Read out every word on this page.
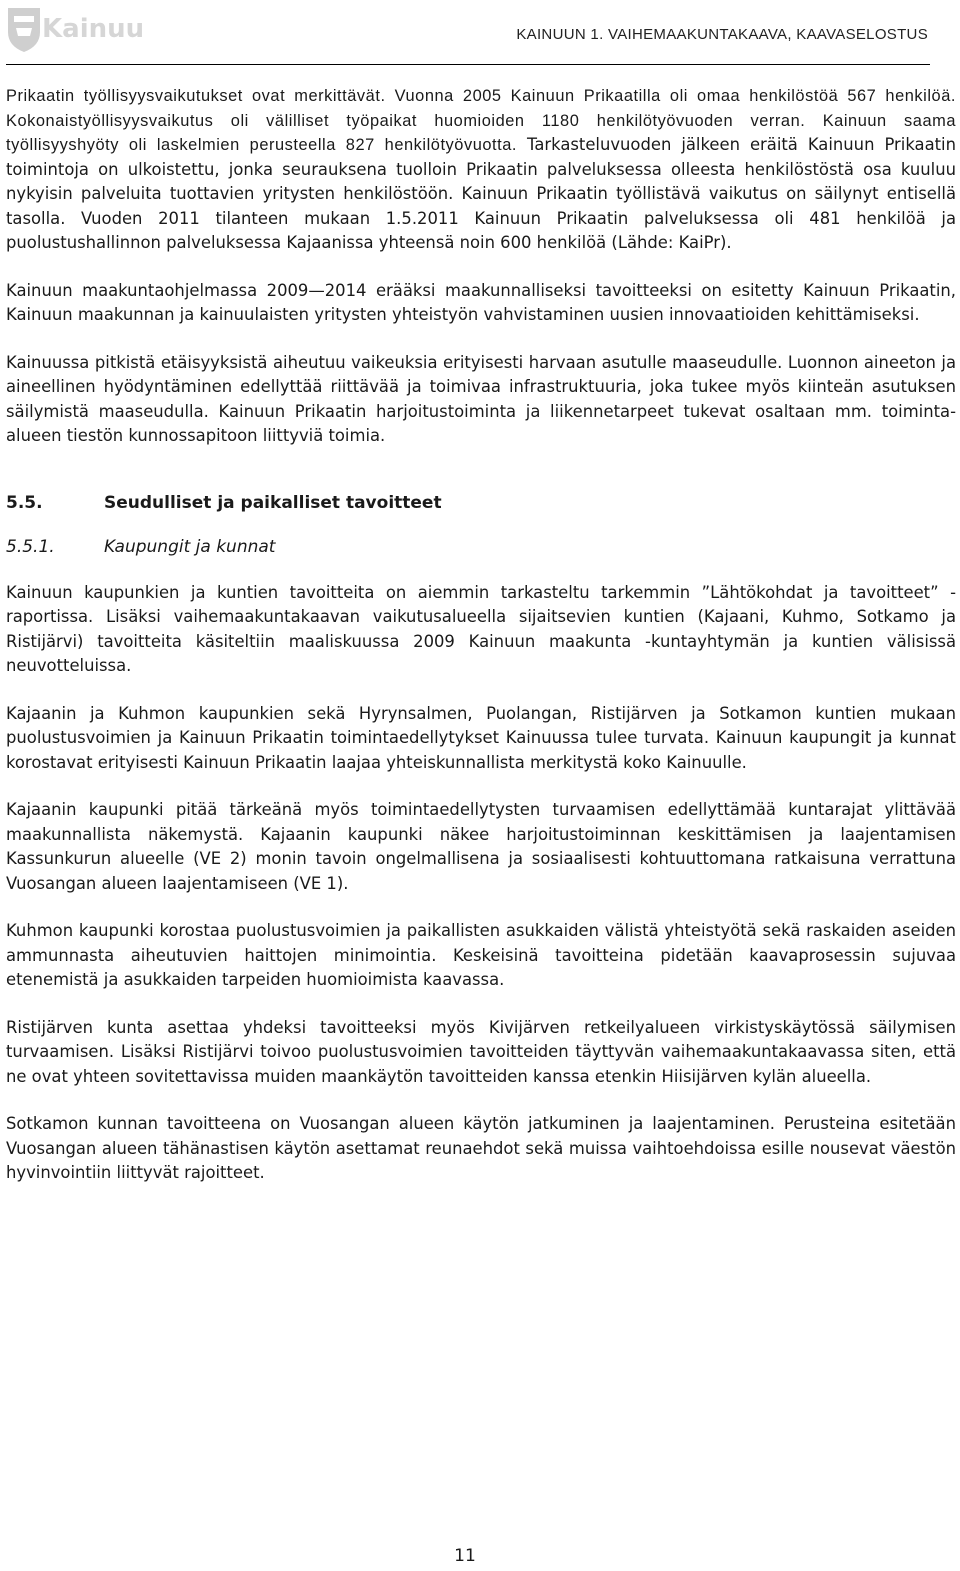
Kainuu	KAINUUN 1. VAIHEMAAKUNTAKAAVA, KAAVASELOSTUS

Prikaatin työllisyysvaikutukset ovat merkittävät. Vuonna 2005 Kainuun Prikaatilla oli omaa henkilöstöä 567 henkilöä. Kokonaistyöllisyysvaikutus oli välilliset työpaikat huomioiden 1180 henkilötyövuoden verran. Kainuun saama työllisyyshyöty oli laskelmien perusteella 827 henkilötyövuotta. Tarkasteluvuoden jälkeen eräitä Kainuun Prikaatin toimintoja on ulkoistettu, jonka seurauksena tuolloin Prikaatin palveluksessa olleesta henkilöstöstä osa kuuluu nykyisin palveluita tuottavien yritysten henkilöstöön. Kainuun Prikaatin työllistävä vaikutus on säilynyt entisellä tasolla. Vuoden 2011 tilanteen mukaan 1.5.2011 Kainuun Prikaatin palveluksessa oli 481 henkilöä ja puolustushallinnon palveluksessa Kajaanissa yhteensä noin 600 henkilöä (Lähde: KaiPr).

Kainuun maakuntaohjelmassa 2009—2014 erääksi maakunnalliseksi tavoitteeksi on esitetty Kainuun Prikaatin, Kainuun maakunnan ja kainuulaisten yritysten yhteistyön vahvistaminen uusien innovaatioiden kehittämiseksi.

Kainuussa pitkistä etäisyyksistä aiheutuu vaikeuksia erityisesti harvaan asutulle maaseudulle. Luonnon aineeton ja aineellinen hyödyntäminen edellyttää riittävää ja toimivaa infrastruktuuria, joka tukee myös kiinteän asutuksen säilymistä maaseudulla. Kainuun Prikaatin harjoitustoiminta ja liikennetarpeet tukevat osaltaan mm. toiminta-alueen tiestön kunnossapitoon liittyviä toimia.

5.5.	Seudulliset ja paikalliset tavoitteet
5.5.1.	Kaupungit ja kunnat

Kainuun kaupunkien ja kuntien tavoitteita on aiemmin tarkasteltu tarkemmin ”Lähtökohdat ja tavoitteet” -raportissa. Lisäksi vaihemaakuntakaavan vaikutusalueella sijaitsevien kuntien (Kajaani, Kuhmo, Sotkamo ja Ristijärvi) tavoitteita käsiteltiin maaliskuussa 2009 Kainuun maakunta -kuntayhtymän ja kuntien välisissä neuvotteluissa.

Kajaanin ja Kuhmon kaupunkien sekä Hyrynsalmen, Puolangan, Ristijärven ja Sotkamon kuntien mukaan puolustusvoimien ja Kainuun Prikaatin toimintaedellytykset Kainuussa tulee turvata. Kainuun kaupungit ja kunnat korostavat erityisesti Kainuun Prikaatin laajaa yhteiskunnallista merkitystä koko Kainuulle.

Kajaanin kaupunki pitää tärkeänä myös toimintaedellytysten turvaamisen edellyttämää kuntarajat ylittävää maakunnallista näkemystä. Kajaanin kaupunki näkee harjoitustoiminnan keskittämisen ja laajentamisen Kassunkurun alueelle (VE 2) monin tavoin ongelmallisena ja sosiaalisesti kohtuuttomana ratkaisuna verrattuna Vuosangan alueen laajentamiseen (VE 1).

Kuhmon kaupunki korostaa puolustusvoimien ja paikallisten asukkaiden välistä yhteistyötä sekä raskaiden aseiden ammunnasta aiheutuvien haittojen minimointia. Keskeisinä tavoitteina pidetään kaavaprosessin sujuvaa etenemistä ja asukkaiden tarpeiden huomioimista kaavassa.

Ristijärven kunta asettaa yhdeksi tavoitteeksi myös Kivijärven retkeilyalueen virkistyskäytössä säilymisen turvaamisen. Lisäksi Ristijärvi toivoo puolustusvoimien tavoitteiden täyttyvän vaihemaakuntakaavassa siten, että ne ovat yhteen sovitettavissa muiden maankäytön tavoitteiden kanssa etenkin Hiisijärven kylän alueella.

Sotkamon kunnan tavoitteena on Vuosangan alueen käytön jatkuminen ja laajentaminen. Perusteina esitetään Vuosangan alueen tähänastisen käytön asettamat reunaehdot sekä muissa vaihtoehdoissa esille nousevat väestön hyvinvointiin liittyvät rajoitteet.

11
